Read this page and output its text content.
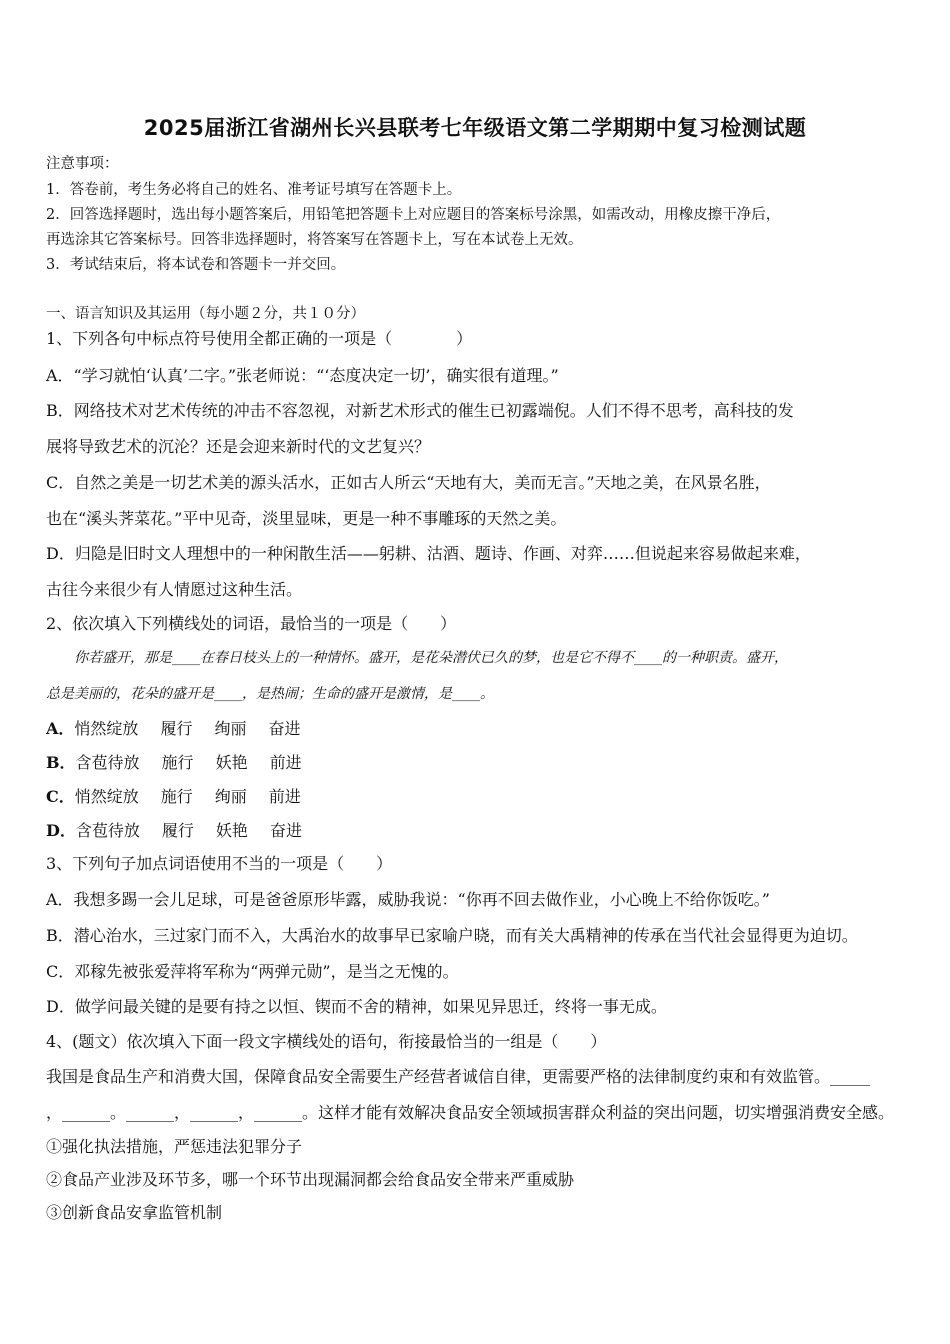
2025届浙江省湖州长兴县联考七年级语文第二学期期中复习检测试题
注意事项：
1．答卷前，考生务必将自己的姓名、准考证号填写在答题卡上。
2．回答选择题时，选出每小题答案后，用铅笔把答题卡上对应题目的答案标号涂黑，如需改动，用橡皮擦干净后，
再选涂其它答案标号。回答非选择题时，将答案写在答题卡上，写在本试卷上无效。
3．考试结束后，将本试卷和答题卡一并交回。
一、语言知识及其运用（每小题２分，共１０分）
1、下列各句中标点符号使用全都正确的一项是（　　　　）
A．“学习就怕‘认真’二字。”张老师说：“‘态度决定一切’，确实很有道理。”
B．网络技术对艺术传统的冲击不容忽视，对新艺术形式的催生已初露端倪。人们不得不思考，高科技的发
展将导致艺术的沉沦？还是会迎来新时代的文艺复兴？
C．自然之美是一切艺术美的源头活水，正如古人所云“天地有大，美而无言。”天地之美，在风景名胜，
也在“溪头荠菜花。”平中见奇，淡里显味，更是一种不事雕琢的天然之美。
D．归隐是旧时文人理想中的一种闲散生活——躬耕、沽酒、题诗、作画、对弈……但说起来容易做起来难，
古往今来很少有人情愿过这种生活。
2、依次填入下列横线处的词语，最恰当的一项是（　　）
　　你若盛开，那是____在春日枝头上的一种情怀。盛开，是花朵潜伏已久的梦，也是它不得不____的一种职责。盛开，
总是美丽的，花朵的盛开是____，是热闹；生命的盛开是激情，是____。
A．悄然绽放 履行 绚丽 奋进
B．含苞待放 施行 妖艳 前进
C．悄然绽放 施行 绚丽 前进
D．含苞待放 履行 妖艳 奋进
3、下列句子加点词语使用不当的一项是（　　）
A．我想多踢一会儿足球，可是爸爸原形毕露，威胁我说：“你再不回去做作业，小心晚上不给你饭吃。”
B．潜心治水，三过家门而不入，大禹治水的故事早已家喻户晓，而有关大禹精神的传承在当代社会显得更为迫切。
C．邓稼先被张爱萍将军称为“两弹元勋”，是当之无愧的。
D．做学问最关键的是要有持之以恒、锲而不舍的精神，如果见异思迁，终将一事无成。
4、(题文）依次填入下面一段文字横线处的语句，衔接最恰当的一组是（　　）
我国是食品生产和消费大国，保障食品安全需要生产经营者诚信自律，更需要严格的法律制度约束和有效监管。_____
，______。______，______，______。这样才能有效解决食品安全领域损害群众利益的突出问题，切实增强消费安全感。
①强化执法措施，严惩违法犯罪分子
②食品产业涉及环节多，哪一个环节出现漏洞都会给食品安全带来严重威胁
③创新食品安拿监管机制
